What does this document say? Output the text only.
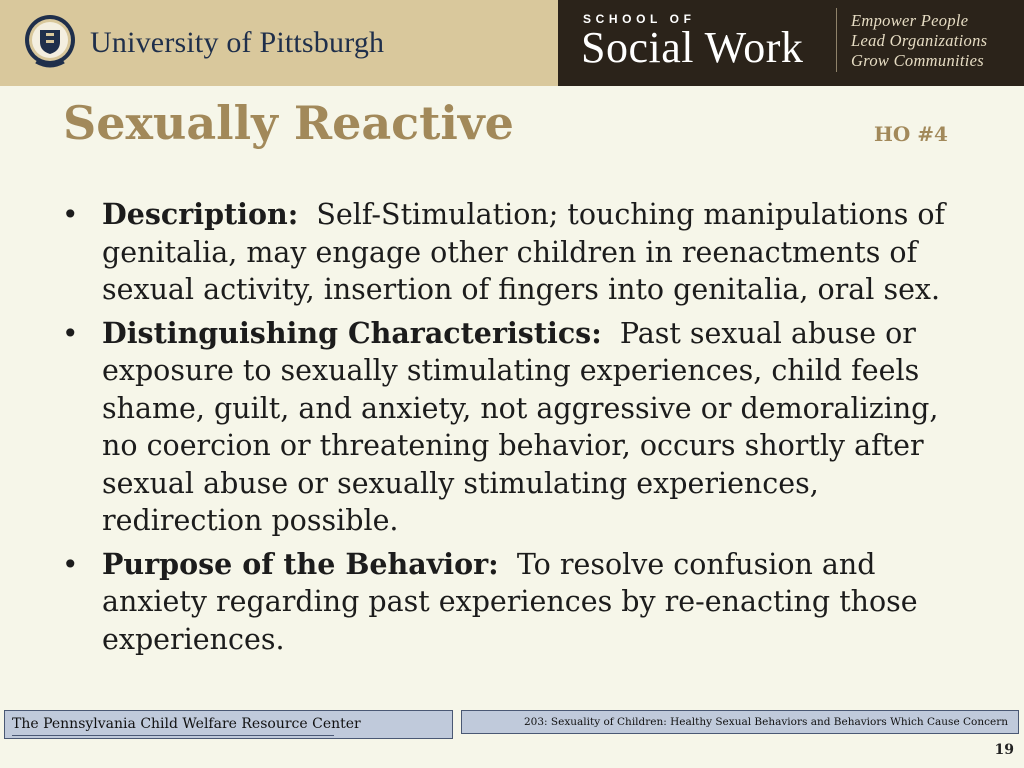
University of Pittsburgh
SCHOOL OF
Social Work
Empower People
Lead Organizations
Grow Communities
Sexually Reactive	HO #4
• Description: Self-Stimulation; touching manipulations of genitalia, may engage other children in reenactments of sexual activity, insertion of fingers into genitalia, oral sex.
• Distinguishing Characteristics: Past sexual abuse or exposure to sexually stimulating experiences, child feels shame, guilt, and anxiety, not aggressive or demoralizing, no coercion or threatening behavior, occurs shortly after sexual abuse or sexually stimulating experiences, redirection possible.
• Purpose of the Behavior: To resolve confusion and anxiety regarding past experiences by re-enacting those experiences.
The Pennsylvania Child Welfare Resource Center	203: Sexuality of Children: Healthy Sexual Behaviors and Behaviors Which Cause Concern
19
